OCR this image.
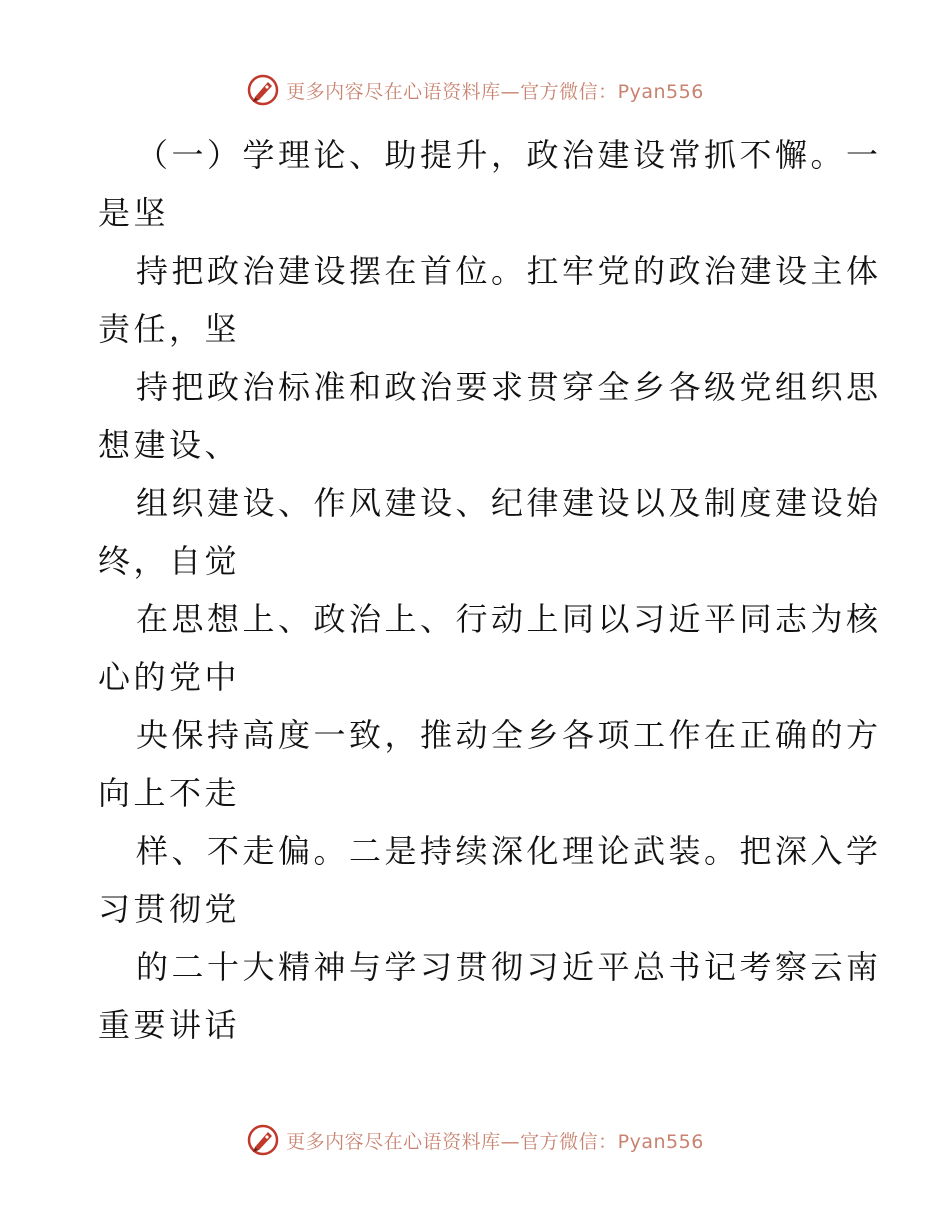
更多内容尽在心语资料库—官方微信：Pyan556
（一）学理论、助提升，政治建设常抓不懈。一
是坚
持把政治建设摆在首位。扛牢党的政治建设主体
责任，坚
持把政治标准和政治要求贯穿全乡各级党组织思
想建设、
组织建设、作风建设、纪律建设以及制度建设始
终，自觉
在思想上、政治上、行动上同以习近平同志为核
心的党中
央保持高度一致，推动全乡各项工作在正确的方
向上不走
样、不走偏。二是持续深化理论武装。把深入学
习贯彻党
的二十大精神与学习贯彻习近平总书记考察云南
重要讲话
更多内容尽在心语资料库—官方微信：Pyan556
